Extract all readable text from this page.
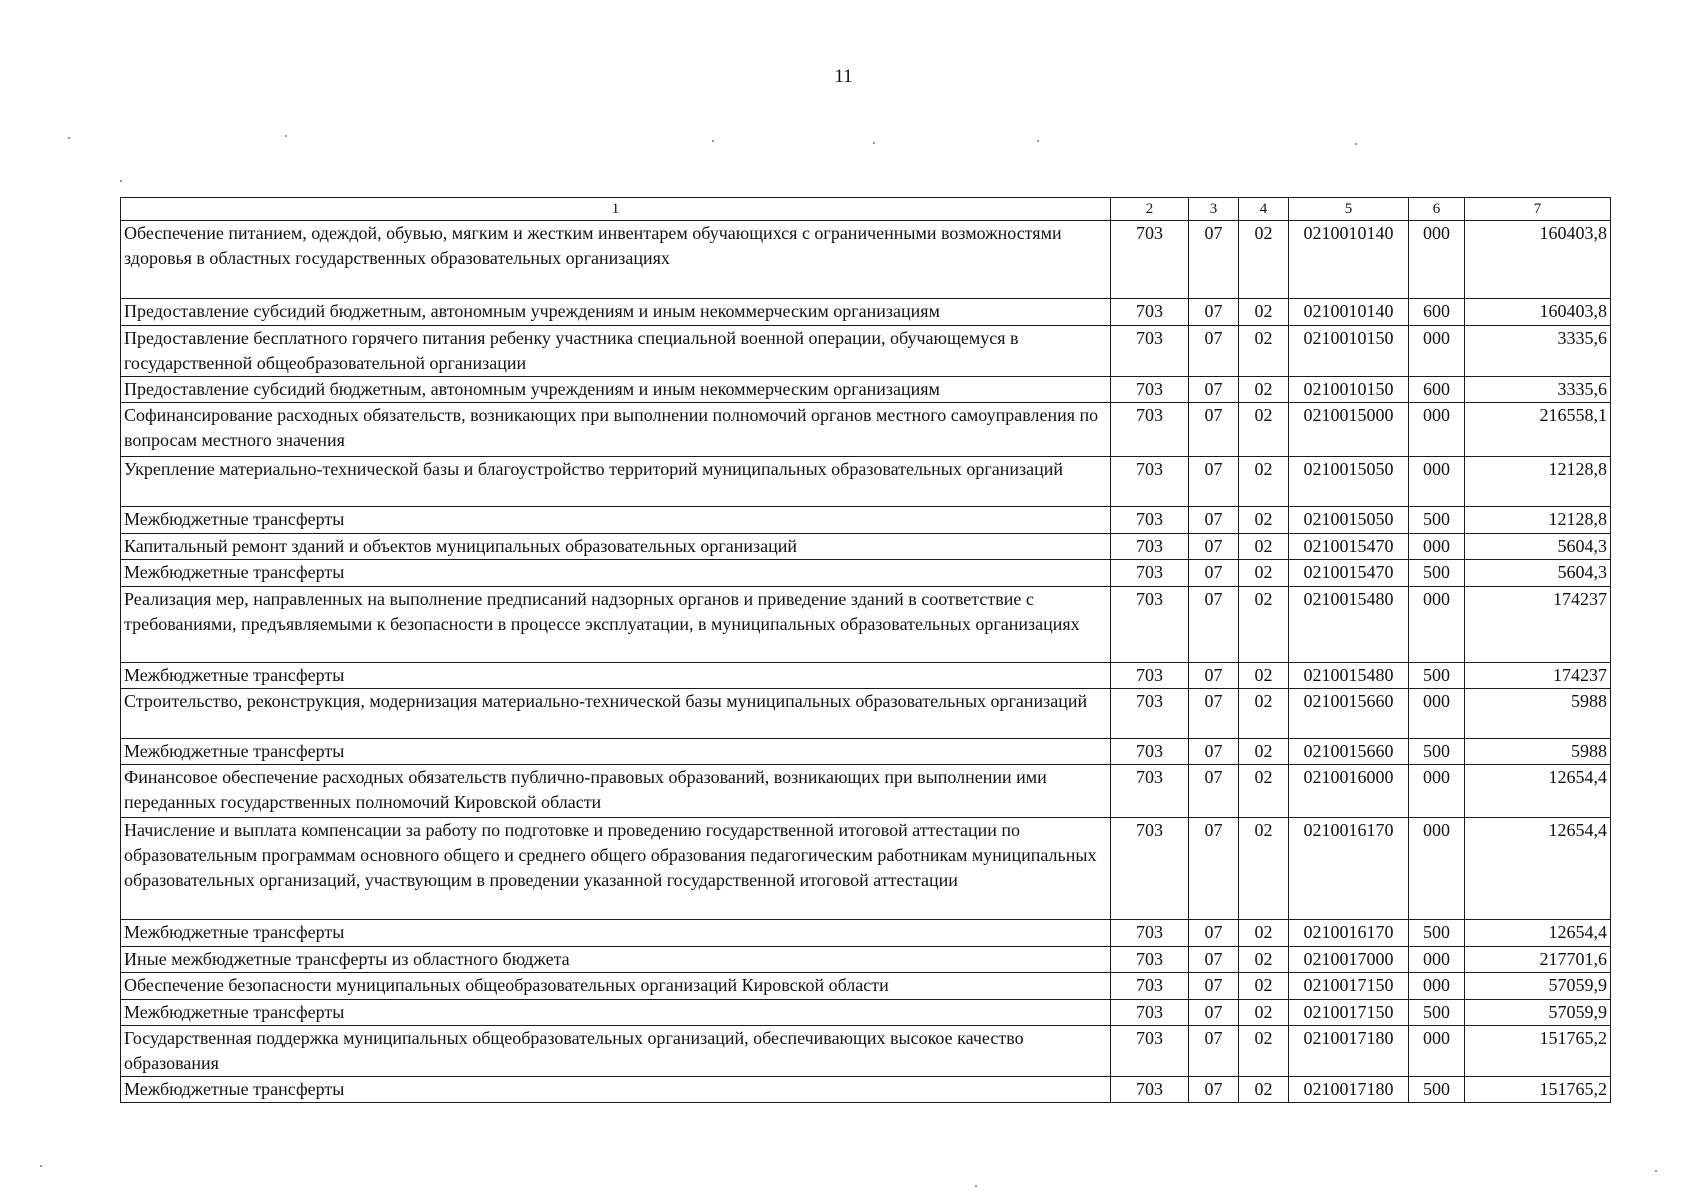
11
1	2	3	4	5	6	7
Обеспечение питанием, одеждой, обувью, мягким и жестким инвентарем обучающихся с ограниченными возможностями здоровья в областных государственных образовательных организациях	703	07	02	0210010140	000	160403,8
Предоставление субсидий бюджетным, автономным учреждениям и иным некоммерческим организациям	703	07	02	0210010140	600	160403,8
Предоставление бесплатного горячего питания ребенку участника специальной военной операции, обучающемуся в государственной общеобразовательной организации	703	07	02	0210010150	000	3335,6
Предоставление субсидий бюджетным, автономным учреждениям и иным некоммерческим организациям	703	07	02	0210010150	600	3335,6
Софинансирование расходных обязательств, возникающих при выполнении полномочий органов местного самоуправления по вопросам местного значения	703	07	02	0210015000	000	216558,1
Укрепление материально-технической базы и благоустройство территорий муниципальных образовательных организаций	703	07	02	0210015050	000	12128,8
Межбюджетные трансферты	703	07	02	0210015050	500	12128,8
Капитальный ремонт зданий и объектов муниципальных образовательных организаций	703	07	02	0210015470	000	5604,3
Межбюджетные трансферты	703	07	02	0210015470	500	5604,3
Реализация мер, направленных на выполнение предписаний надзорных органов и приведение зданий в соответствие с требованиями, предъявляемыми к безопасности в процессе эксплуатации, в муниципальных образовательных организациях	703	07	02	0210015480	000	174237
Межбюджетные трансферты	703	07	02	0210015480	500	174237
Строительство, реконструкция, модернизация материально-технической базы муниципальных образовательных организаций	703	07	02	0210015660	000	5988
Межбюджетные трансферты	703	07	02	0210015660	500	5988
Финансовое обеспечение расходных обязательств публично-правовых образований, возникающих при выполнении ими переданных государственных полномочий Кировской области	703	07	02	0210016000	000	12654,4
Начисление и выплата компенсации за работу по подготовке и проведению государственной итоговой аттестации по образовательным программам основного общего и среднего общего образования педагогическим работникам муниципальных образовательных организаций, участвующим в проведении указанной государственной итоговой аттестации	703	07	02	0210016170	000	12654,4
Межбюджетные трансферты	703	07	02	0210016170	500	12654,4
Иные межбюджетные трансферты из областного бюджета	703	07	02	0210017000	000	217701,6
Обеспечение безопасности муниципальных общеобразовательных организаций Кировской области	703	07	02	0210017150	000	57059,9
Межбюджетные трансферты	703	07	02	0210017150	500	57059,9
Государственная поддержка муниципальных общеобразовательных организаций, обеспечивающих высокое качество образования	703	07	02	0210017180	000	151765,2
Межбюджетные трансферты	703	07	02	0210017180	500	151765,2
